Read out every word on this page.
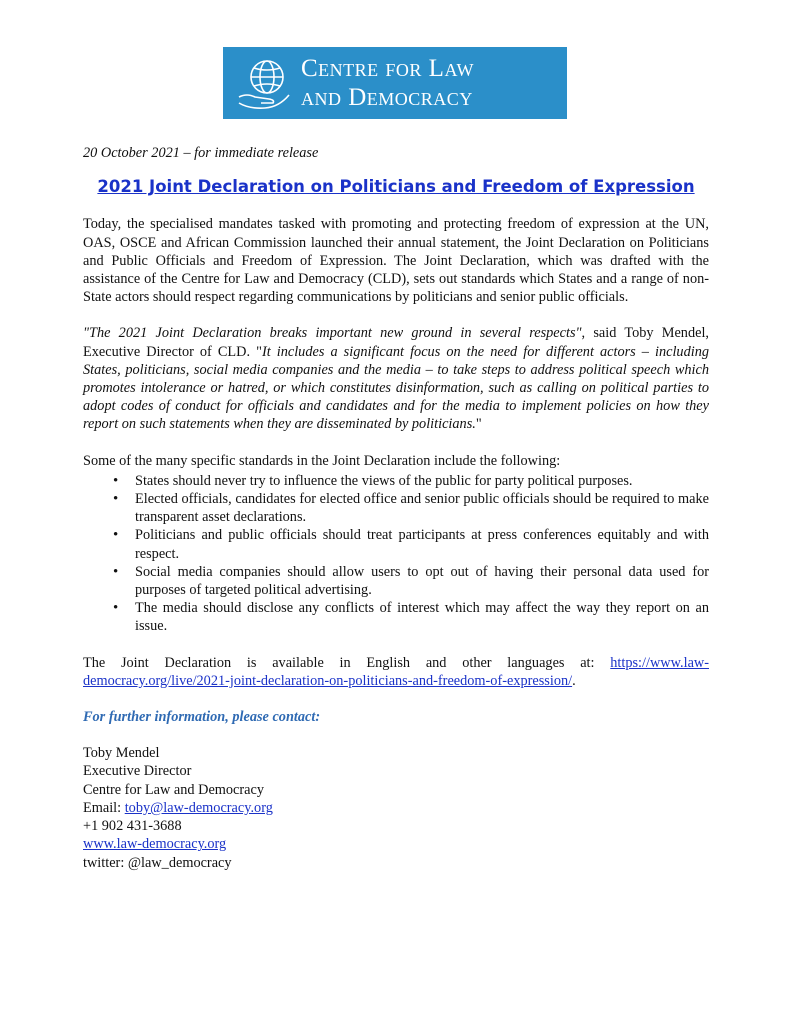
Centre for Law
and Democracy

20 October 2021 – for immediate release

2021 Joint Declaration on Politicians and Freedom of Expression

Today, the specialised mandates tasked with promoting and protecting freedom of expression at the UN, OAS, OSCE and African Commission launched their annual statement, the Joint Declaration on Politicians and Public Officials and Freedom of Expression. The Joint Declaration, which was drafted with the assistance of the Centre for Law and Democracy (CLD), sets out standards which States and a range of non-State actors should respect regarding communications by politicians and senior public officials.

"The 2021 Joint Declaration breaks important new ground in several respects", said Toby Mendel, Executive Director of CLD. "It includes a significant focus on the need for different actors – including States, politicians, social media companies and the media – to take steps to address political speech which promotes intolerance or hatred, or which constitutes disinformation, such as calling on political parties to adopt codes of conduct for officials and candidates and for the media to implement policies on how they report on such statements when they are disseminated by politicians."

Some of the many specific standards in the Joint Declaration include the following:

• States should never try to influence the views of the public for party political purposes.
• Elected officials, candidates for elected office and senior public officials should be required to make transparent asset declarations.
• Politicians and public officials should treat participants at press conferences equitably and with respect.
• Social media companies should allow users to opt out of having their personal data used for purposes of targeted political advertising.
• The media should disclose any conflicts of interest which may affect the way they report on an issue.

The Joint Declaration is available in English and other languages at: https://www.law-democracy.org/live/2021-joint-declaration-on-politicians-and-freedom-of-expression/.

For further information, please contact:

Toby Mendel

Executive Director

Centre for Law and Democracy

Email: toby@law-democracy.org

+1 902 431-3688

www.law-democracy.org

twitter: @law_democracy
